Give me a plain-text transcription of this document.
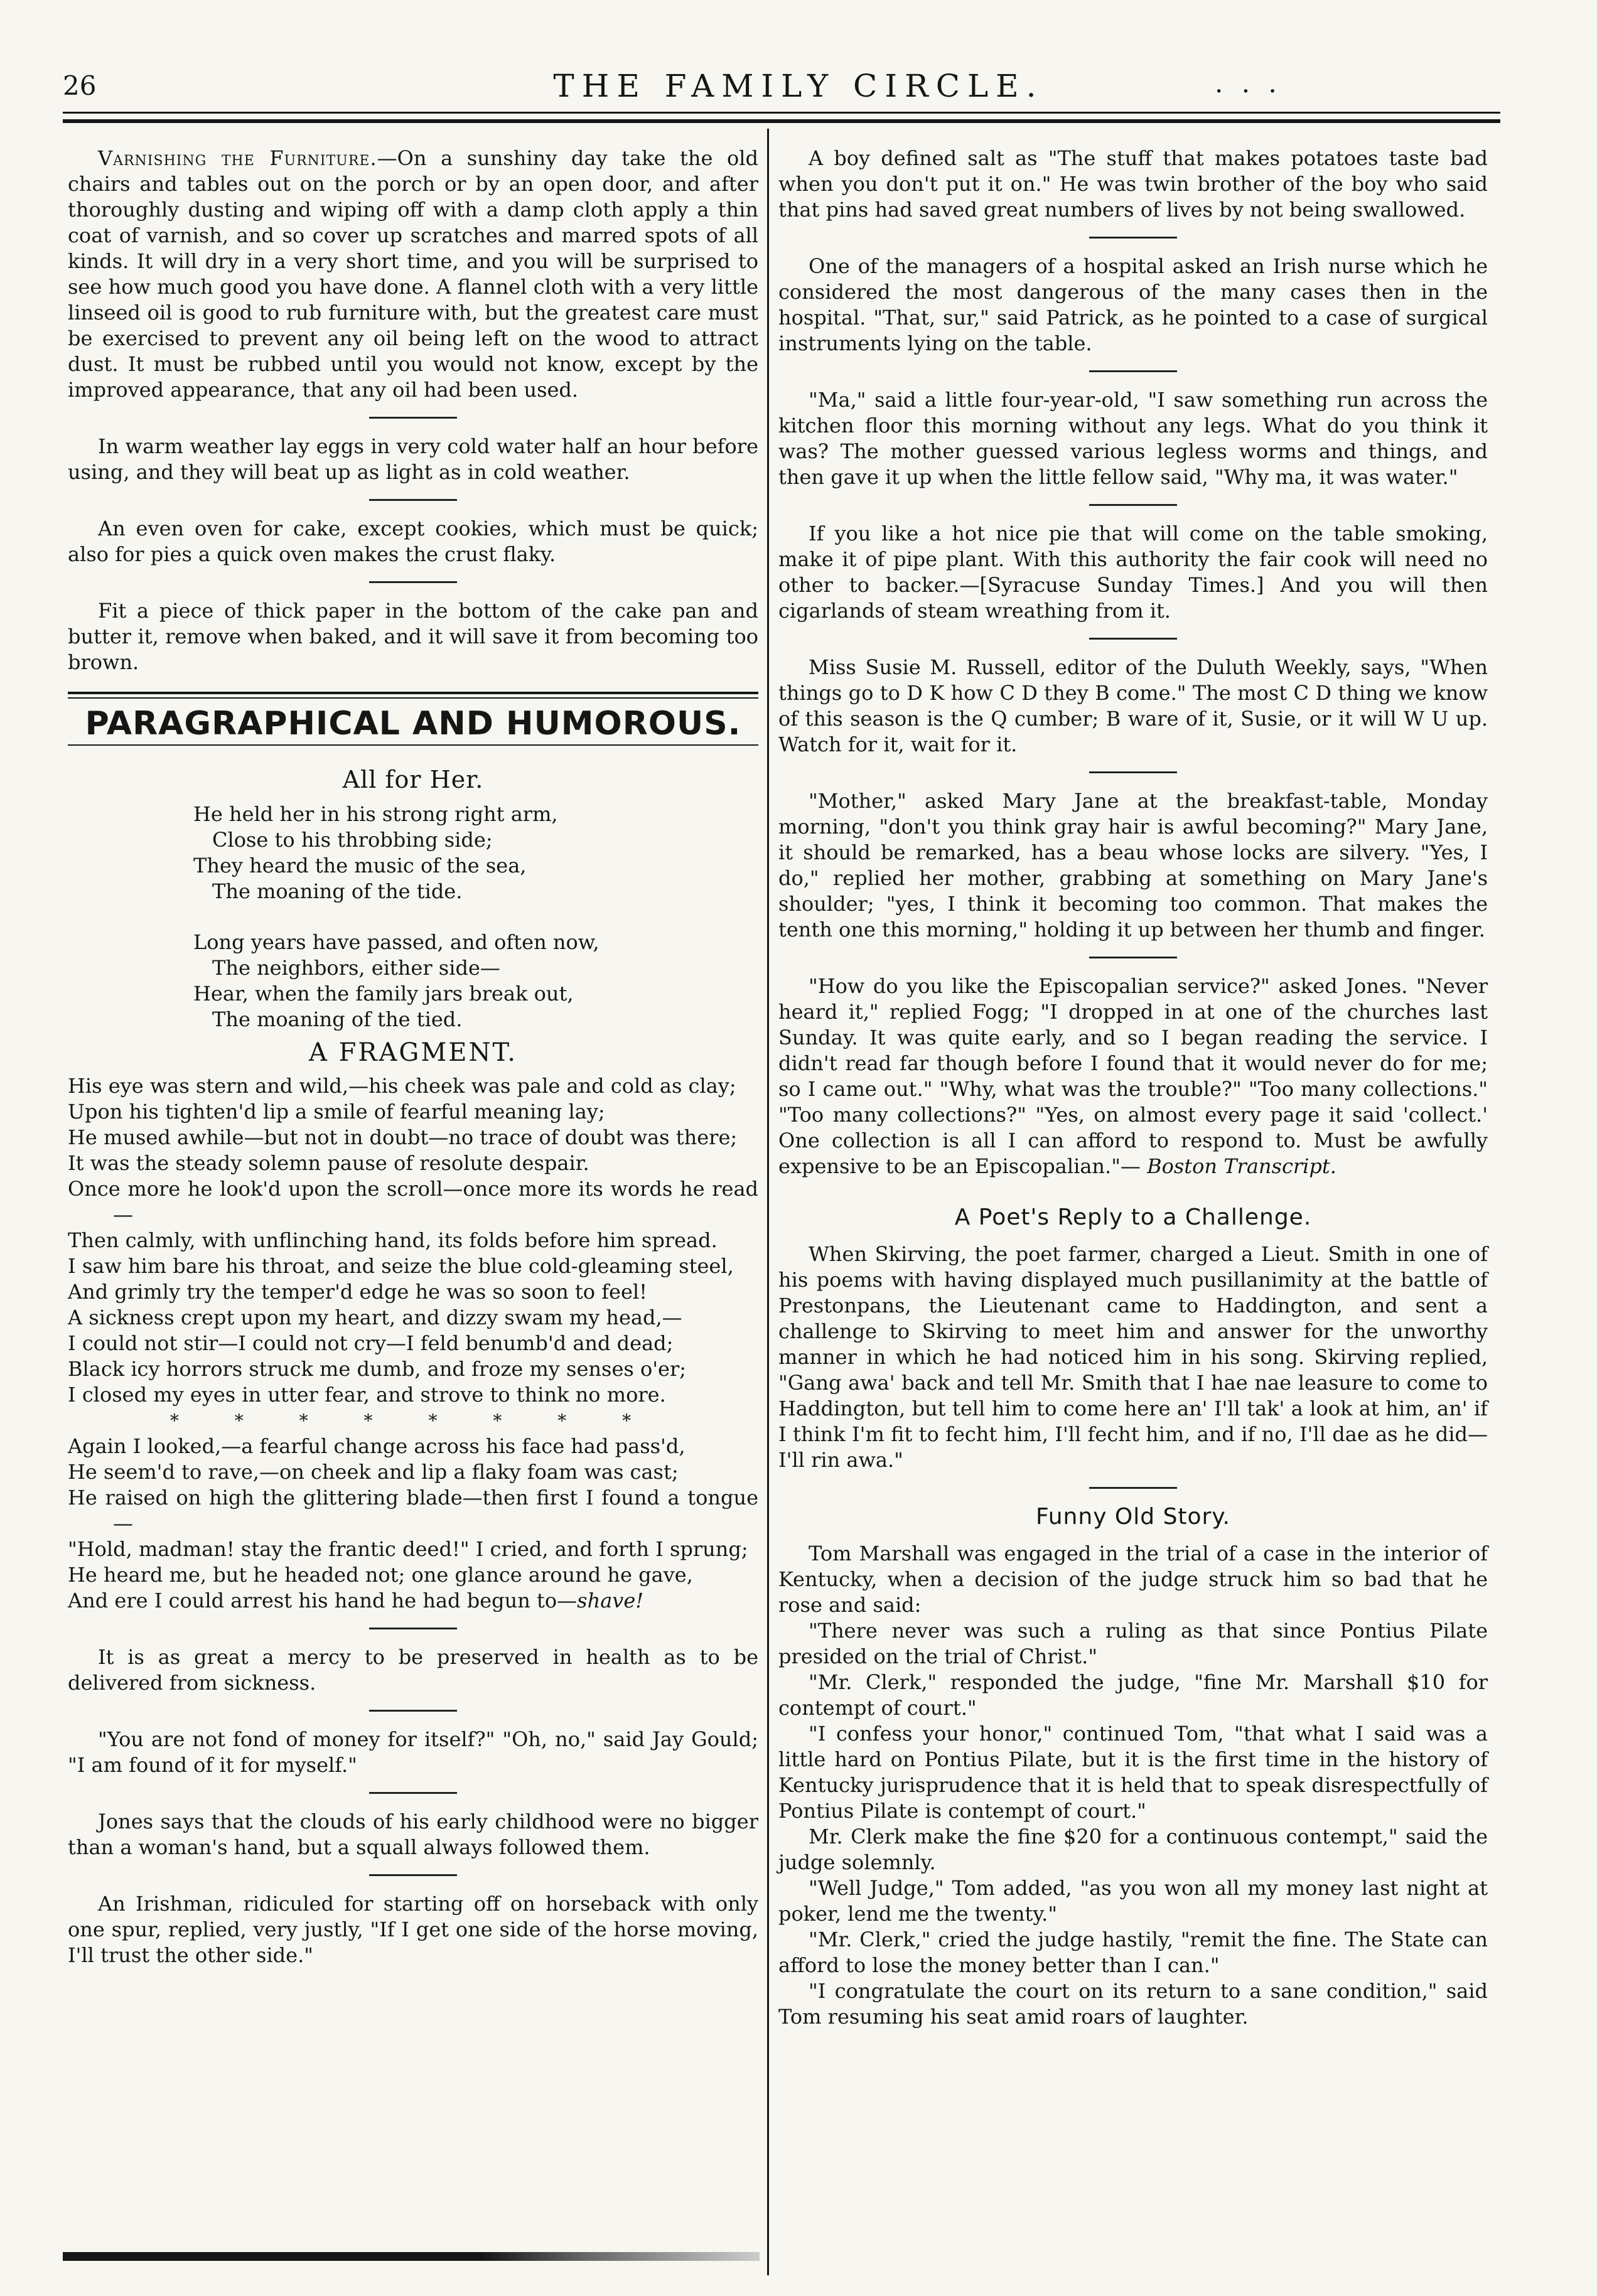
26	THE FAMILY CIRCLE.	. . .

Varnishing the Furniture.—On a sunshiny day take the old chairs and tables out on the porch or by an open door, and after thoroughly dusting and wiping off with a damp cloth apply a thin coat of varnish, and so cover up scratches and marred spots of all kinds. It will dry in a very short time, and you will be surprised to see how much good you have done. A flannel cloth with a very little linseed oil is good to rub furniture with, but the greatest care must be exercised to prevent any oil being left on the wood to attract dust. It must be rubbed until you would not know, except by the improved appearance, that any oil had been used.

In warm weather lay eggs in very cold water half an hour before using, and they will beat up as light as in cold weather.

An even oven for cake, except cookies, which must be quick; also for pies a quick oven makes the crust flaky.

Fit a piece of thick paper in the bottom of the cake pan and butter it, remove when baked, and it will save it from becoming too brown.

PARAGRAPHICAL AND HUMOROUS.
All for Her.

He held her in his strong right arm,

Close to his throbbing side;

They heard the music of the sea,

The moaning of the tide.

Long years have passed, and often now,

The neighbors, either side—

Hear, when the family jars break out,

The moaning of the tied.

A FRAGMENT.

His eye was stern and wild,—his cheek was pale and cold as clay;

Upon his tighten'd lip a smile of fearful meaning lay;

He mused awhile—but not in doubt—no trace of doubt was there;

It was the steady solemn pause of resolute despair.

Once more he look'd upon the scroll—once more its words he read—

Then calmly, with unflinching hand, its folds before him spread.

I saw him bare his throat, and seize the blue cold-gleaming steel,

And grimly try the temper'd edge he was so soon to feel!

A sickness crept upon my heart, and dizzy swam my head,—

I could not stir—I could not cry—I feld benumb'd and dead;

Black icy horrors struck me dumb, and froze my senses o'er;

I closed my eyes in utter fear, and strove to think no more.

* * * * * * * *

Again I looked,—a fearful change across his face had pass'd,

He seem'd to rave,—on cheek and lip a flaky foam was cast;

He raised on high the glittering blade—then first I found a tongue—

"Hold, madman! stay the frantic deed!" I cried, and forth I sprung;

He heard me, but he headed not; one glance around he gave,

And ere I could arrest his hand he had begun to—shave!

It is as great a mercy to be preserved in health as to be delivered from sickness.

"You are not fond of money for itself?" "Oh, no," said Jay Gould; "I am found of it for myself."

Jones says that the clouds of his early childhood were no bigger than a woman's hand, but a squall always followed them.

An Irishman, ridiculed for starting off on horseback with only one spur, replied, very justly, "If I get one side of the horse moving, I'll trust the other side."

A boy defined salt as "The stuff that makes potatoes taste bad when you don't put it on." He was twin brother of the boy who said that pins had saved great numbers of lives by not being swallowed.

One of the managers of a hospital asked an Irish nurse which he considered the most dangerous of the many cases then in the hospital. "That, sur," said Patrick, as he pointed to a case of surgical instruments lying on the table.

"Ma," said a little four-year-old, "I saw something run across the kitchen floor this morning without any legs. What do you think it was? The mother guessed various legless worms and things, and then gave it up when the little fellow said, "Why ma, it was water."

If you like a hot nice pie that will come on the table smoking, make it of pipe plant. With this authority the fair cook will need no other to backer.—[Syracuse Sunday Times.] And you will then cigarlands of steam wreathing from it.

Miss Susie M. Russell, editor of the Duluth Weekly, says, "When things go to D K how C D they B come." The most C D thing we know of this season is the Q cumber; B ware of it, Susie, or it will W U up. Watch for it, wait for it.

"Mother," asked Mary Jane at the breakfast-table, Monday morning, "don't you think gray hair is awful becoming?" Mary Jane, it should be remarked, has a beau whose locks are silvery. "Yes, I do," replied her mother, grabbing at something on Mary Jane's shoulder; "yes, I think it becoming too common. That makes the tenth one this morning," holding it up between her thumb and finger.

"How do you like the Episcopalian service?" asked Jones. "Never heard it," replied Fogg; "I dropped in at one of the churches last Sunday. It was quite early, and so I began reading the service. I didn't read far though before I found that it would never do for me; so I came out." "Why, what was the trouble?" "Too many collections." "Too many collections?" "Yes, on almost every page it said 'collect.' One collection is all I can afford to respond to. Must be awfully expensive to be an Episcopalian."— Boston Transcript.

A Poet's Reply to a Challenge.

When Skirving, the poet farmer, charged a Lieut. Smith in one of his poems with having displayed much pusillanimity at the battle of Prestonpans, the Lieutenant came to Haddington, and sent a challenge to Skirving to meet him and answer for the unworthy manner in which he had noticed him in his song. Skirving replied, "Gang awa' back and tell Mr. Smith that I hae nae leasure to come to Haddington, but tell him to come here an' I'll tak' a look at him, an' if I think I'm fit to fecht him, I'll fecht him, and if no, I'll dae as he did—I'll rin awa."

Funny Old Story.

Tom Marshall was engaged in the trial of a case in the interior of Kentucky, when a decision of the judge struck him so bad that he rose and said:

"There never was such a ruling as that since Pontius Pilate presided on the trial of Christ."

"Mr. Clerk," responded the judge, "fine Mr. Marshall $10 for contempt of court."

"I confess your honor," continued Tom, "that what I said was a little hard on Pontius Pilate, but it is the first time in the history of Kentucky jurisprudence that it is held that to speak disrespectfully of Pontius Pilate is contempt of court."

Mr. Clerk make the fine $20 for a continuous contempt," said the judge solemnly.

"Well Judge," Tom added, "as you won all my money last night at poker, lend me the twenty."

"Mr. Clerk," cried the judge hastily, "remit the fine. The State can afford to lose the money better than I can."

"I congratulate the court on its return to a sane condition," said Tom resuming his seat amid roars of laughter.
